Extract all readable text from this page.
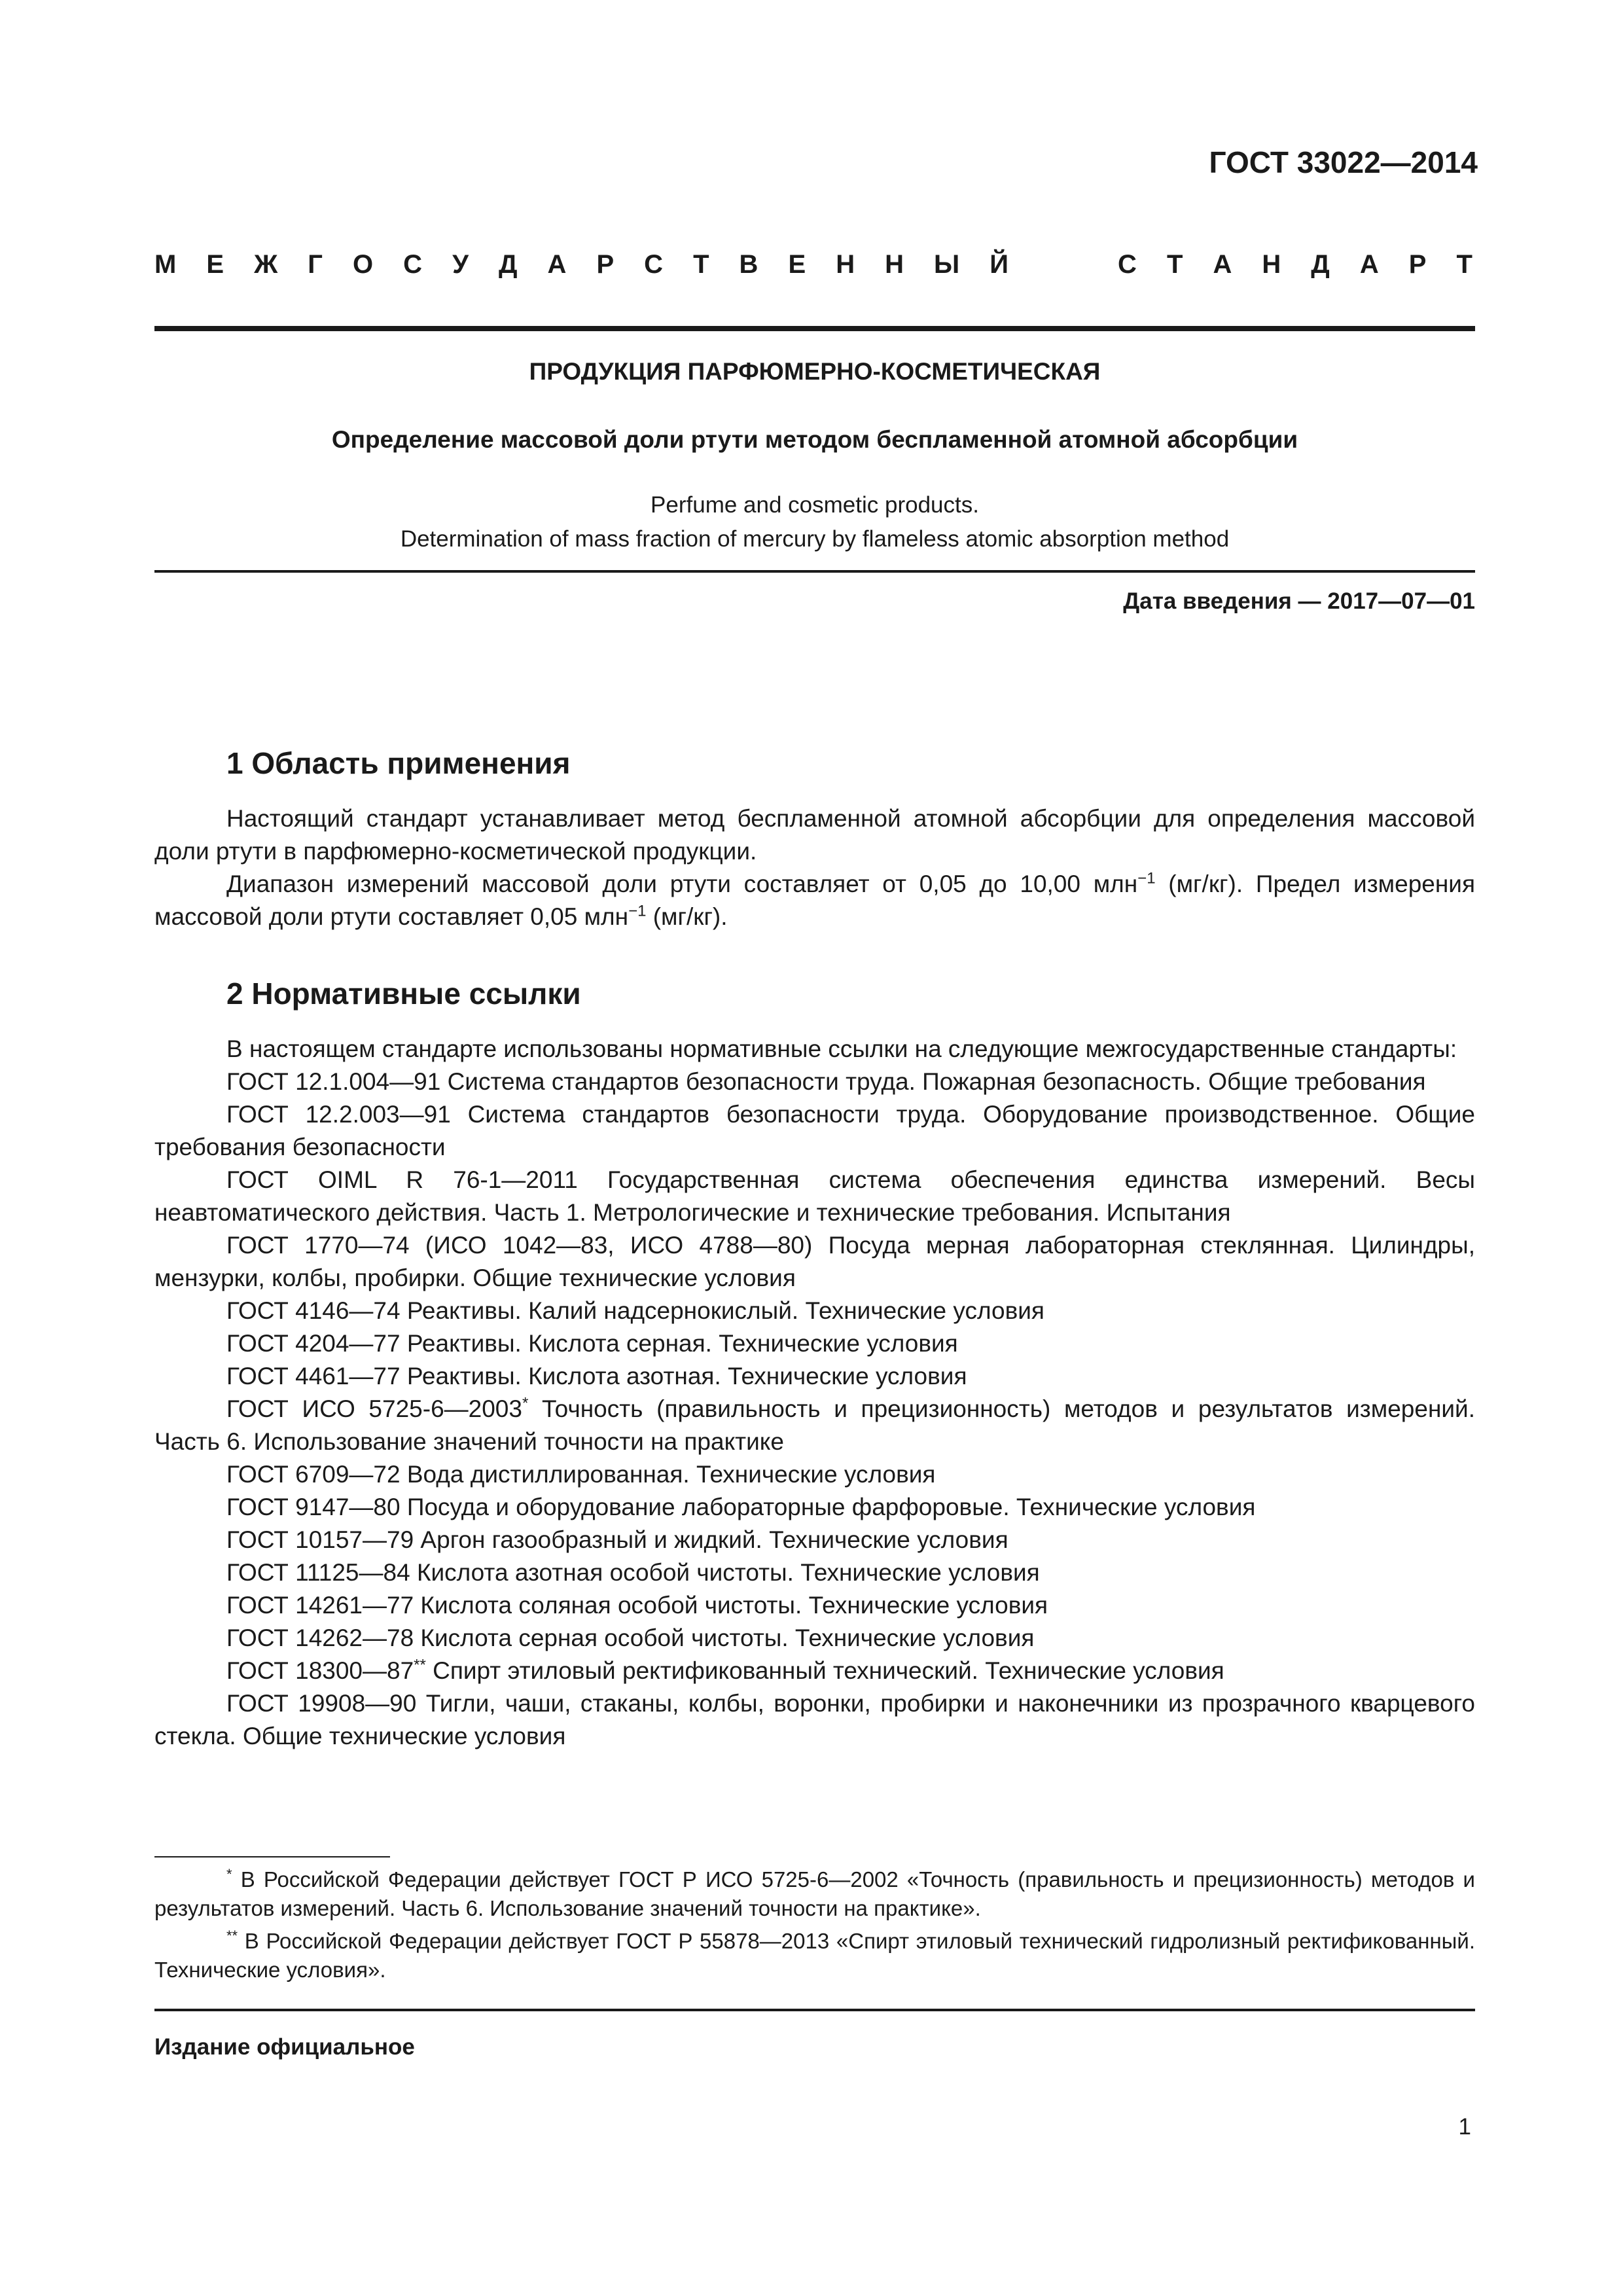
ГОСТ 33022—2014
М Е Ж Г О С У Д А Р С Т В Е Н Н Ы Й	С Т А Н Д А Р Т
ПРОДУКЦИЯ ПАРФЮМЕРНО-КОСМЕТИЧЕСКАЯ
Определение массовой доли ртути методом беспламенной атомной абсорбции
Perfume and cosmetic products.
Determination of mass fraction of mercury by flameless atomic absorption method
Дата введения — 2017—07—01
1 Область применения

Настоящий стандарт устанавливает метод беспламенной атомной абсорбции для определения массовой доли ртути в парфюмерно-косметической продукции.

Диапазон измерений массовой доли ртути составляет от 0,05 до 10,00 млн$^{-1}$ (мг/кг). Предел измерения массовой доли ртути составляет 0,05 млн$^{-1}$ (мг/кг).

2 Нормативные ссылки

В настоящем стандарте использованы нормативные ссылки на следующие межгосударственные стандарты:

ГОСТ 12.1.004—91 Система стандартов безопасности труда. Пожарная безопасность. Общие требования

ГОСТ 12.2.003—91 Система стандартов безопасности труда. Оборудование производственное. Общие требования безопасности

ГОСТ OIML R 76-1—2011 Государственная система обеспечения единства измерений. Весы неавтоматического действия. Часть 1. Метрологические и технические требования. Испытания

ГОСТ 1770—74 (ИСО 1042—83, ИСО 4788—80) Посуда мерная лабораторная стеклянная. Цилиндры, мензурки, колбы, пробирки. Общие технические условия

ГОСТ 4146—74 Реактивы. Калий надсернокислый. Технические условия

ГОСТ 4204—77 Реактивы. Кислота серная. Технические условия

ГОСТ 4461—77 Реактивы. Кислота азотная. Технические условия

ГОСТ ИСО 5725-6—2003* Точность (правильность и прецизионность) методов и результатов измерений. Часть 6. Использование значений точности на практике

ГОСТ 6709—72 Вода дистиллированная. Технические условия

ГОСТ 9147—80 Посуда и оборудование лабораторные фарфоровые. Технические условия

ГОСТ 10157—79 Аргон газообразный и жидкий. Технические условия

ГОСТ 11125—84 Кислота азотная особой чистоты. Технические условия

ГОСТ 14261—77 Кислота соляная особой чистоты. Технические условия

ГОСТ 14262—78 Кислота серная особой чистоты. Технические условия

ГОСТ 18300—87** Спирт этиловый ректификованный технический. Технические условия

ГОСТ 19908—90 Тигли, чаши, стаканы, колбы, воронки, пробирки и наконечники из прозрачного кварцевого стекла. Общие технические условия

* В Российской Федерации действует ГОСТ Р ИСО 5725-6—2002 «Точность (правильность и прецизионность) методов и результатов измерений. Часть 6. Использование значений точности на практике».

** В Российской Федерации действует ГОСТ Р 55878—2013 «Спирт этиловый технический гидролизный ректификованный. Технические условия».

Издание официальное
1
